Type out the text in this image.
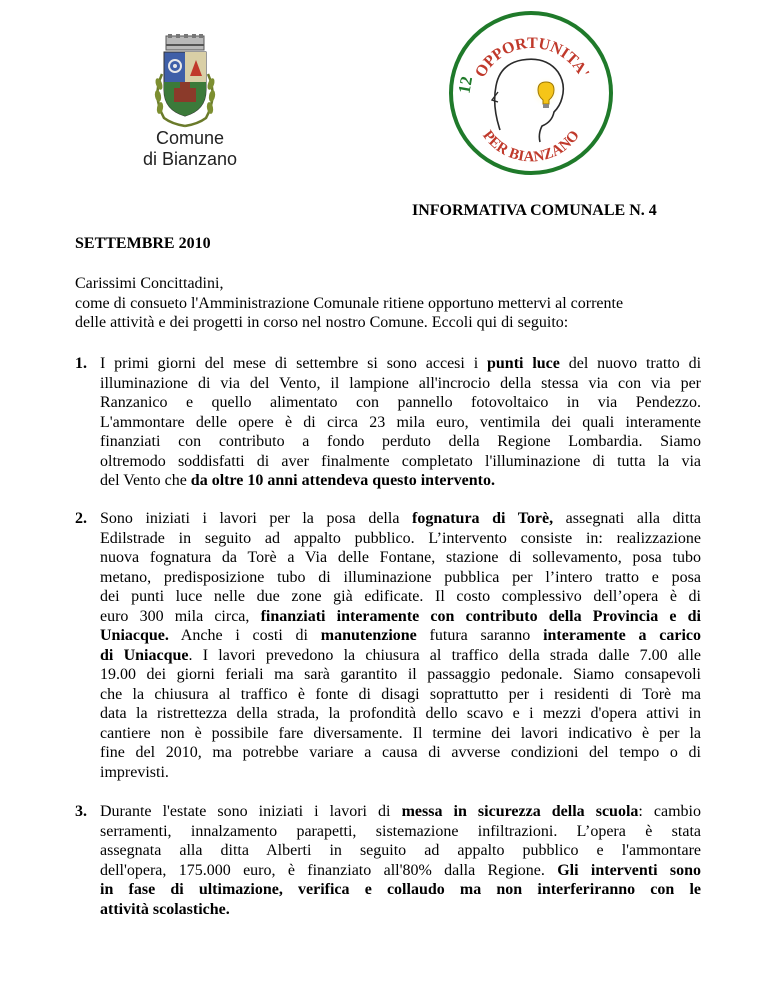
Comune
di Bianzano
OPPORTUNITA'
PER BIANZANO
12
INFORMATIVA COMUNALE N. 4
SETTEMBRE 2010
Carissimi Concittadini,
come di consueto l'Amministrazione Comunale ritiene opportuno mettervi al corrente
delle attività e dei progetti in corso nel nostro Comune. Eccoli qui di seguito:
1. I primi giorni del mese di settembre si sono accesi i punti luce del nuovo tratto di
illuminazione di via del Vento, il lampione all'incrocio della stessa via con via per
Ranzanico e quello alimentato con pannello fotovoltaico in via Pendezzo.
L'ammontare delle opere è di circa 23 mila euro, ventimila dei quali interamente
finanziati con contributo a fondo perduto della Regione Lombardia. Siamo
oltremodo soddisfatti di aver finalmente completato l'illuminazione di tutta la via
del Vento che da oltre 10 anni attendeva questo intervento.
2. Sono iniziati i lavori per la posa della fognatura di Torè, assegnati alla ditta
Edilstrade in seguito ad appalto pubblico. L’intervento consiste in: realizzazione
nuova fognatura da Torè a Via delle Fontane, stazione di sollevamento, posa tubo
metano, predisposizione tubo di illuminazione pubblica per l’intero tratto e posa
dei punti luce nelle due zone già edificate. Il costo complessivo dell’opera è di
euro 300 mila circa, finanziati interamente con contributo della Provincia e di
Uniacque. Anche i costi di manutenzione futura saranno interamente a carico
di Uniacque. I lavori prevedono la chiusura al traffico della strada dalle 7.00 alle
19.00 dei giorni feriali ma sarà garantito il passaggio pedonale. Siamo consapevoli
che la chiusura al traffico è fonte di disagi soprattutto per i residenti di Torè ma
data la ristrettezza della strada, la profondità dello scavo e i mezzi d'opera attivi in
cantiere non è possibile fare diversamente. Il termine dei lavori indicativo è per la
fine del 2010, ma potrebbe variare a causa di avverse condizioni del tempo o di
imprevisti.
3. Durante l'estate sono iniziati i lavori di messa in sicurezza della scuola: cambio
serramenti, innalzamento parapetti, sistemazione infiltrazioni. L’opera è stata
assegnata alla ditta Alberti in seguito ad appalto pubblico e l'ammontare
dell'opera, 175.000 euro, è finanziato all'80% dalla Regione. Gli interventi sono
in fase di ultimazione, verifica e collaudo ma non interferiranno con le
attività scolastiche.
